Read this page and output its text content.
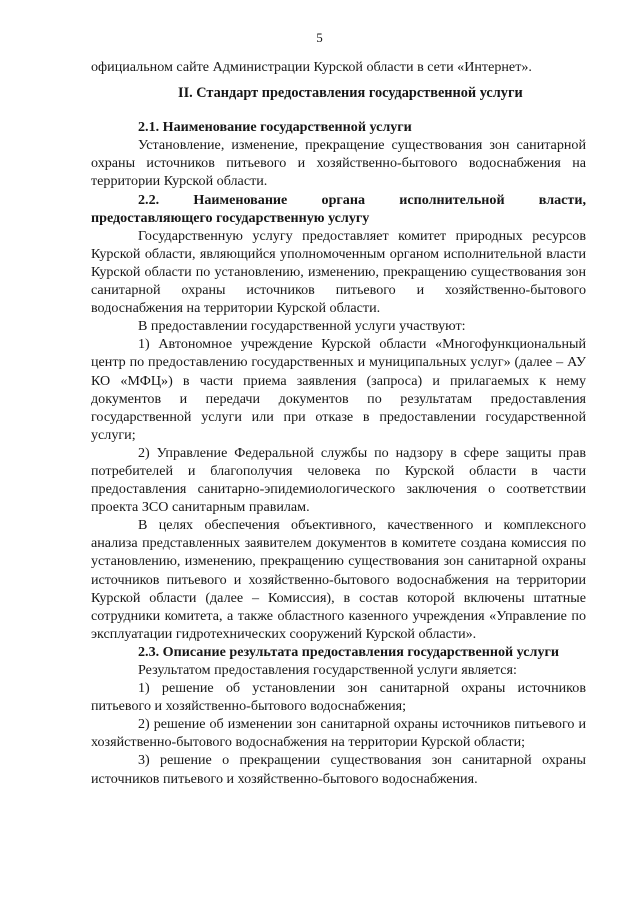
5

официальном сайте Администрации Курской области в сети «Интернет».

II. Стандарт предоставления государственной услуги

2.1. Наименование государственной услуги

Установление, изменение, прекращение существования зон санитарной охраны источников питьевого и хозяйственно-бытового водоснабжения на территории Курской области.

2.2. Наименование органа исполнительной власти, предоставляющего государственную услугу

Государственную услугу предоставляет комитет природных ресурсов Курской области, являющийся уполномоченным органом исполнительной власти Курской области по установлению, изменению, прекращению существования зон санитарной охраны источников питьевого и хозяйственно-бытового водоснабжения на территории Курской области.

В предоставлении государственной услуги участвуют:

1) Автономное учреждение Курской области «Многофункциональный центр по предоставлению государственных и муниципальных услуг» (далее – АУ КО «МФЦ») в части приема заявления (запроса) и прилагаемых к нему документов и передачи документов по результатам предоставления государственной услуги или при отказе в предоставлении государственной услуги;

2) Управление Федеральной службы по надзору в сфере защиты прав потребителей и благополучия человека по Курской области в части предоставления санитарно-эпидемиологического заключения о соответствии проекта ЗСО санитарным правилам.

В целях обеспечения объективного, качественного и комплексного анализа представленных заявителем документов в комитете создана комиссия по установлению, изменению, прекращению существования зон санитарной охраны источников питьевого и хозяйственно-бытового водоснабжения на территории Курской области (далее – Комиссия), в состав которой включены штатные сотрудники комитета, а также областного казенного учреждения «Управление по эксплуатации гидротехнических сооружений Курской области».

2.3. Описание результата предоставления государственной услуги

Результатом предоставления государственной услуги является:

1) решение об установлении зон санитарной охраны источников питьевого и хозяйственно-бытового водоснабжения;

2) решение об изменении зон санитарной охраны источников питьевого и хозяйственно-бытового водоснабжения на территории Курской области;

3) решение о прекращении существования зон санитарной охраны источников питьевого и хозяйственно-бытового водоснабжения.
